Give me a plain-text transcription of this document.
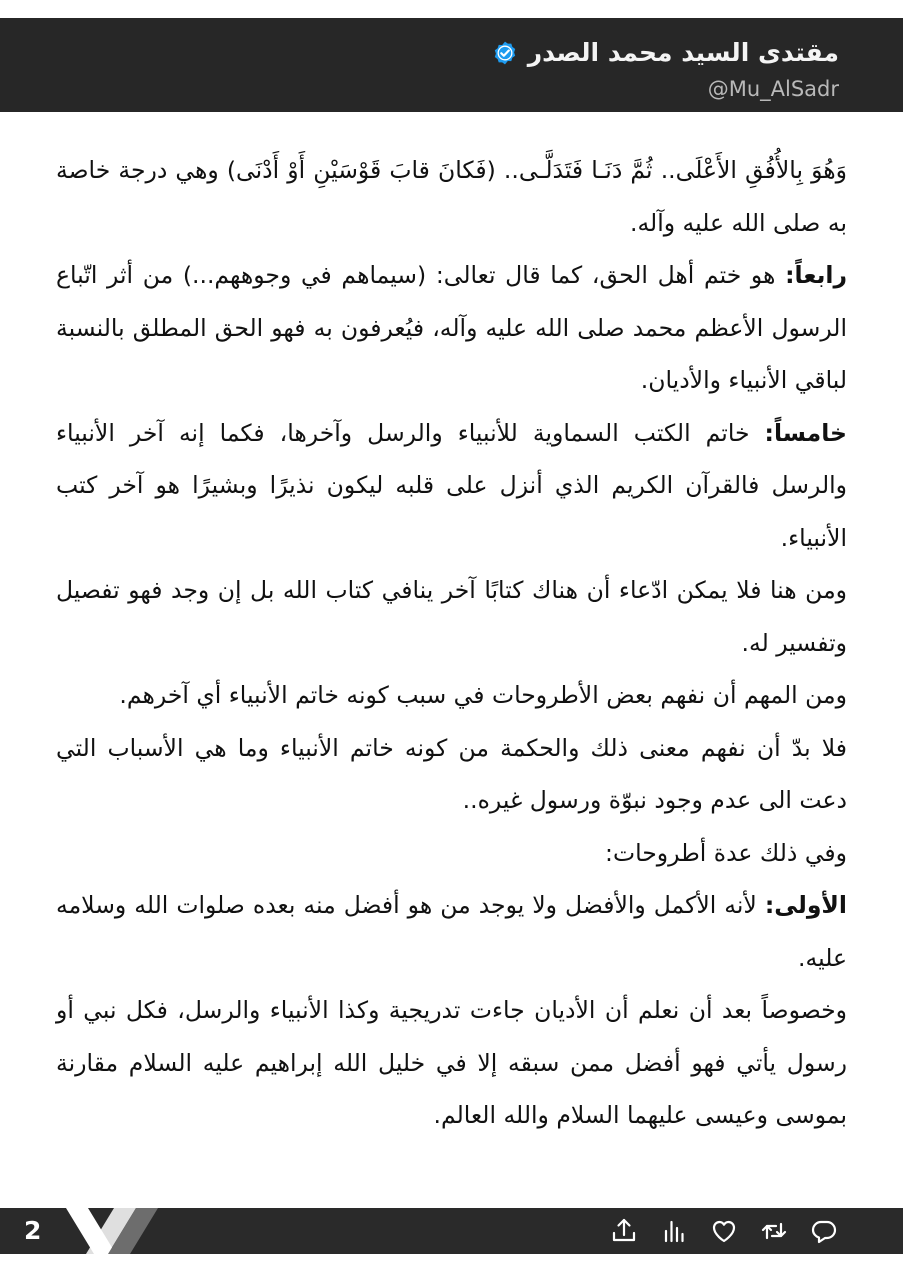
مقتدى السيد محمد الصدر
@Mu_AlSadr

وَهُوَ بِالأُفُقِ الأَعْلَى.. ثُمَّ دَنَـا فَتَدَلَّـى.. (فَكانَ قابَ قَوْسَيْنِ أَوْ أَدْنَى) وهي درجة خاصة به صلى الله عليه وآله.

رابعاً: هو ختم أهل الحق، كما قال تعالى: (سيماهم في وجوههم...) من أثر اتّباع الرسول الأعظم محمد صلى الله عليه وآله، فيُعرفون به فهو الحق المطلق بالنسبة لباقي الأنبياء والأديان.

خامساً: خاتم الكتب السماوية للأنبياء والرسل وآخرها، فكما إنه آخر الأنبياء والرسل فالقرآن الكريم الذي أنزل على قلبه ليكون نذيرًا وبشيرًا هو آخر كتب الأنبياء.

ومن هنا فلا يمكن ادّعاء أن هناك كتابًا آخر ينافي كتاب الله بل إن وجد فهو تفصيل وتفسير له.

ومن المهم أن نفهم بعض الأطروحات في سبب كونه خاتم الأنبياء أي آخرهم.

فلا بدّ أن نفهم معنى ذلك والحكمة من كونه خاتم الأنبياء وما هي الأسباب التي دعت الى عدم وجود نبوّة ورسول غيره..

وفي ذلك عدة أطروحات:

الأولى: لأنه الأكمل والأفضل ولا يوجد من هو أفضل منه بعده صلوات الله وسلامه عليه.

وخصوصاً بعد أن نعلم أن الأديان جاءت تدريجية وكذا الأنبياء والرسل، فكل نبي أو رسول يأتي فهو أفضل ممن سبقه إلا في خليل الله إبراهيم عليه السلام مقارنة بموسى وعيسى عليهما السلام والله العالم.

2
